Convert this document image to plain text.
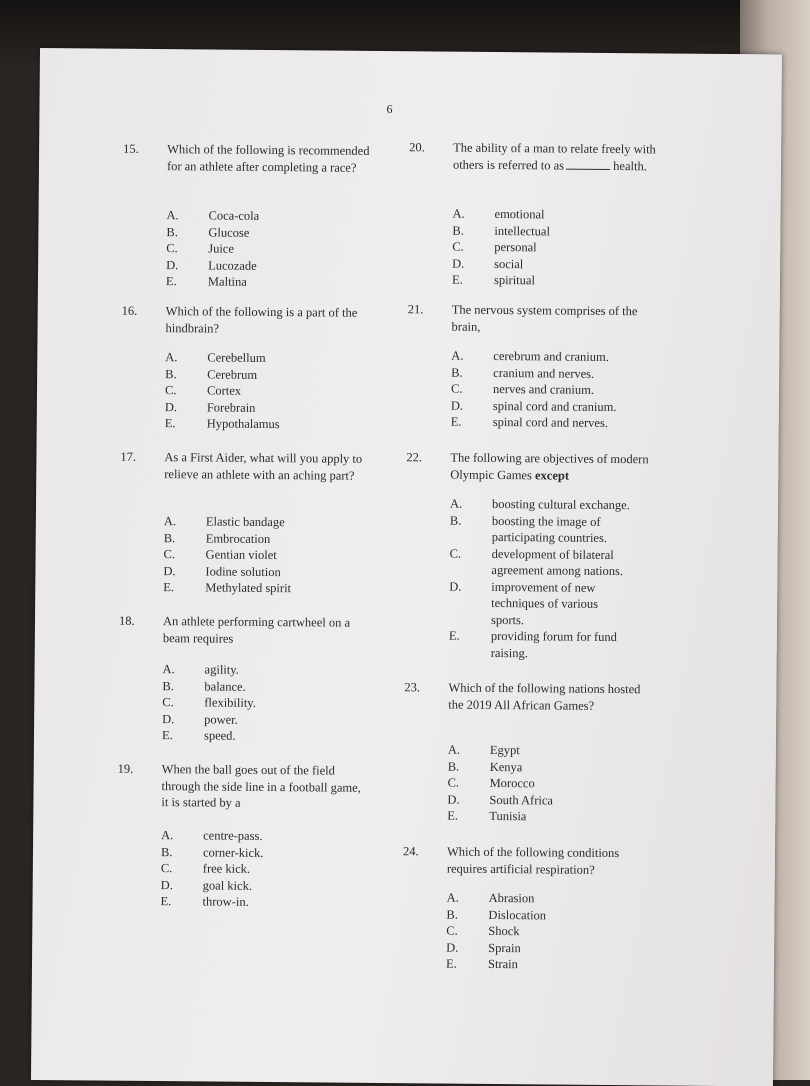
6
15.	Which of the following is recommended for an athlete after completing a race?
A.	Coca-cola
B.	Glucose
C.	Juice
D.	Lucozade
E.	Maltina
16.	Which of the following is a part of the hindbrain?
A.	Cerebellum
B.	Cerebrum
C.	Cortex
D.	Forebrain
E.	Hypothalamus
17.	As a First Aider, what will you apply to relieve an athlete with an aching part?
A.	Elastic bandage
B.	Embrocation
C.	Gentian violet
D.	Iodine solution
E.	Methylated spirit
18.	An athlete performing cartwheel on a beam requires
A.	agility.
B.	balance.
C.	flexibility.
D.	power.
E.	speed.
19.	When the ball goes out of the field through the side line in a football game, it is started by a
A.	centre-pass.
B.	corner-kick.
C.	free kick.
D.	goal kick.
E.	throw-in.
20.	The ability of a man to relate freely with others is referred to as	health.
A.	emotional
B.	intellectual
C.	personal
D.	social
E.	spiritual
21.	The nervous system comprises of the brain,
A.	cerebrum and cranium.
B.	cranium and nerves.
C.	nerves and cranium.
D.	spinal cord and cranium.
E.	spinal cord and nerves.
22.	The following are objectives of modern Olympic Games except
A.	boosting cultural exchange.
B.	boosting the image of participating countries.
C.	development of bilateral agreement among nations.
D.	improvement of new techniques of various sports.
E.	providing forum for fund raising.
23.	Which of the following nations hosted the 2019 All African Games?
A.	Egypt
B.	Kenya
C.	Morocco
D.	South Africa
E.	Tunisia
24.	Which of the following conditions requires artificial respiration?
A.	Abrasion
B.	Dislocation
C.	Shock
D.	Sprain
E.	Strain
